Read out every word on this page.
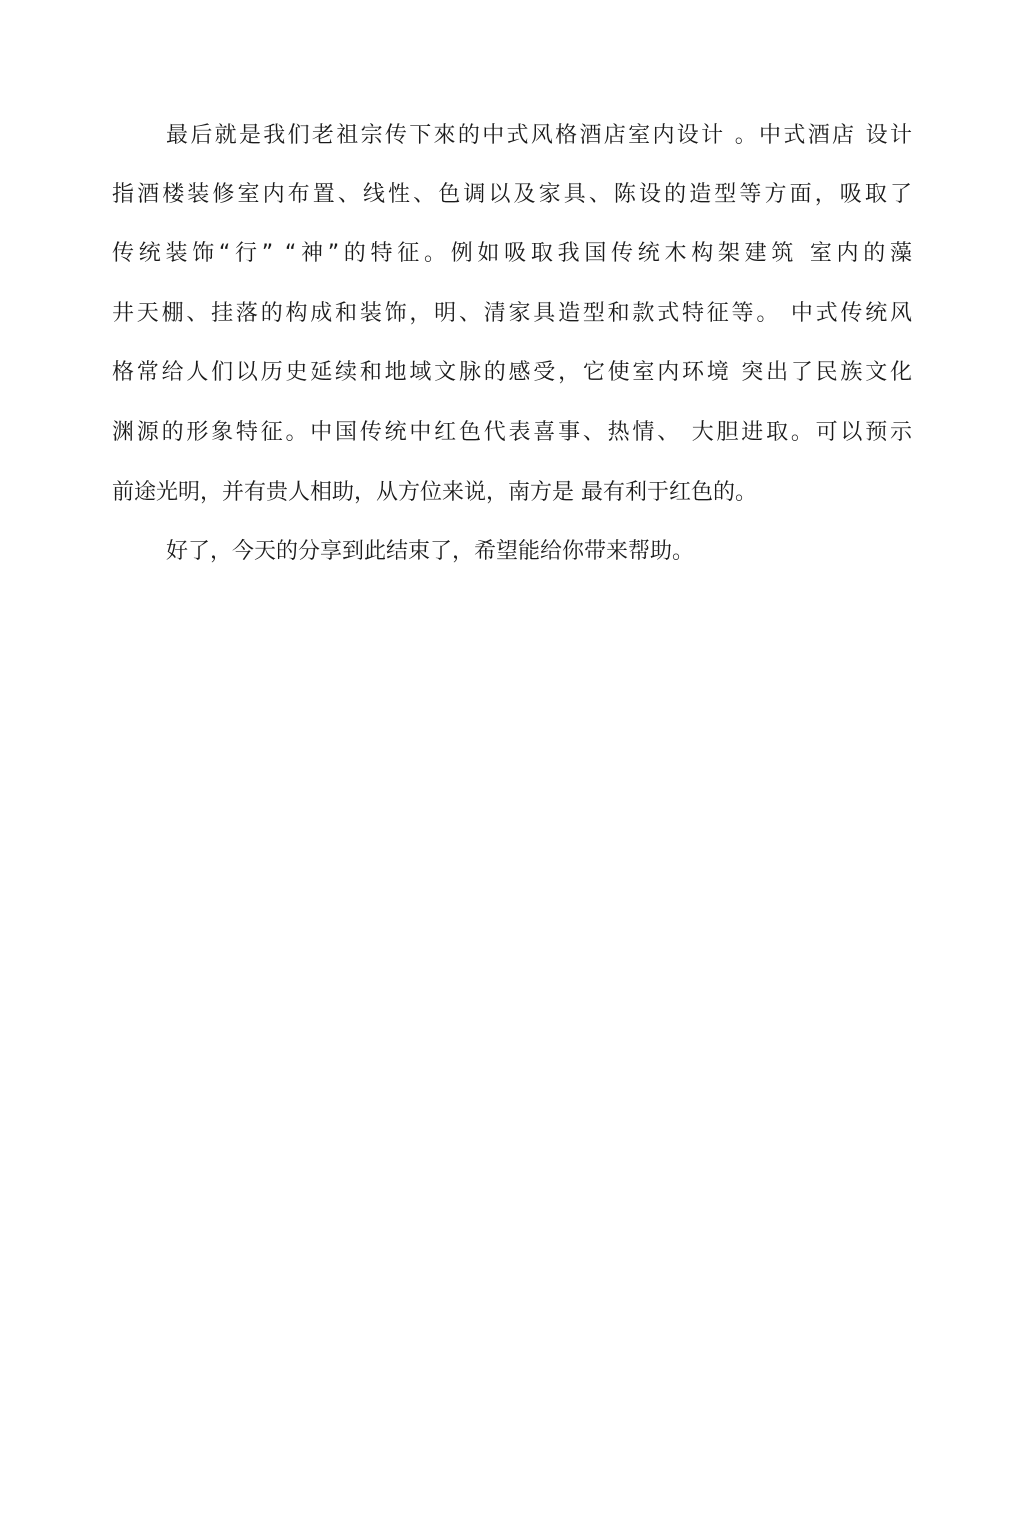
最后就是我们老祖宗传下來的中式风格酒店室内设计 。中式酒店 设计
指酒楼装修室内布置、线性、色调以及家具、陈设的造型等方面，吸取了
传统装饰“行” “神”的特征。例如吸取我国传统木构架建筑 室内的藻
井天棚、挂落的构成和装饰，明、清家具造型和款式特征等。 中式传统风
格常给人们以历史延续和地域文脉的感受，它使室内环境 突出了民族文化
渊源的形象特征。中国传统中红色代表喜事、热情、 大胆进取。可以预示
前途光明，并有贵人相助，从方位来说，南方是 最有利于红色的。
好了，今天的分享到此结束了，希望能给你带来帮助。
